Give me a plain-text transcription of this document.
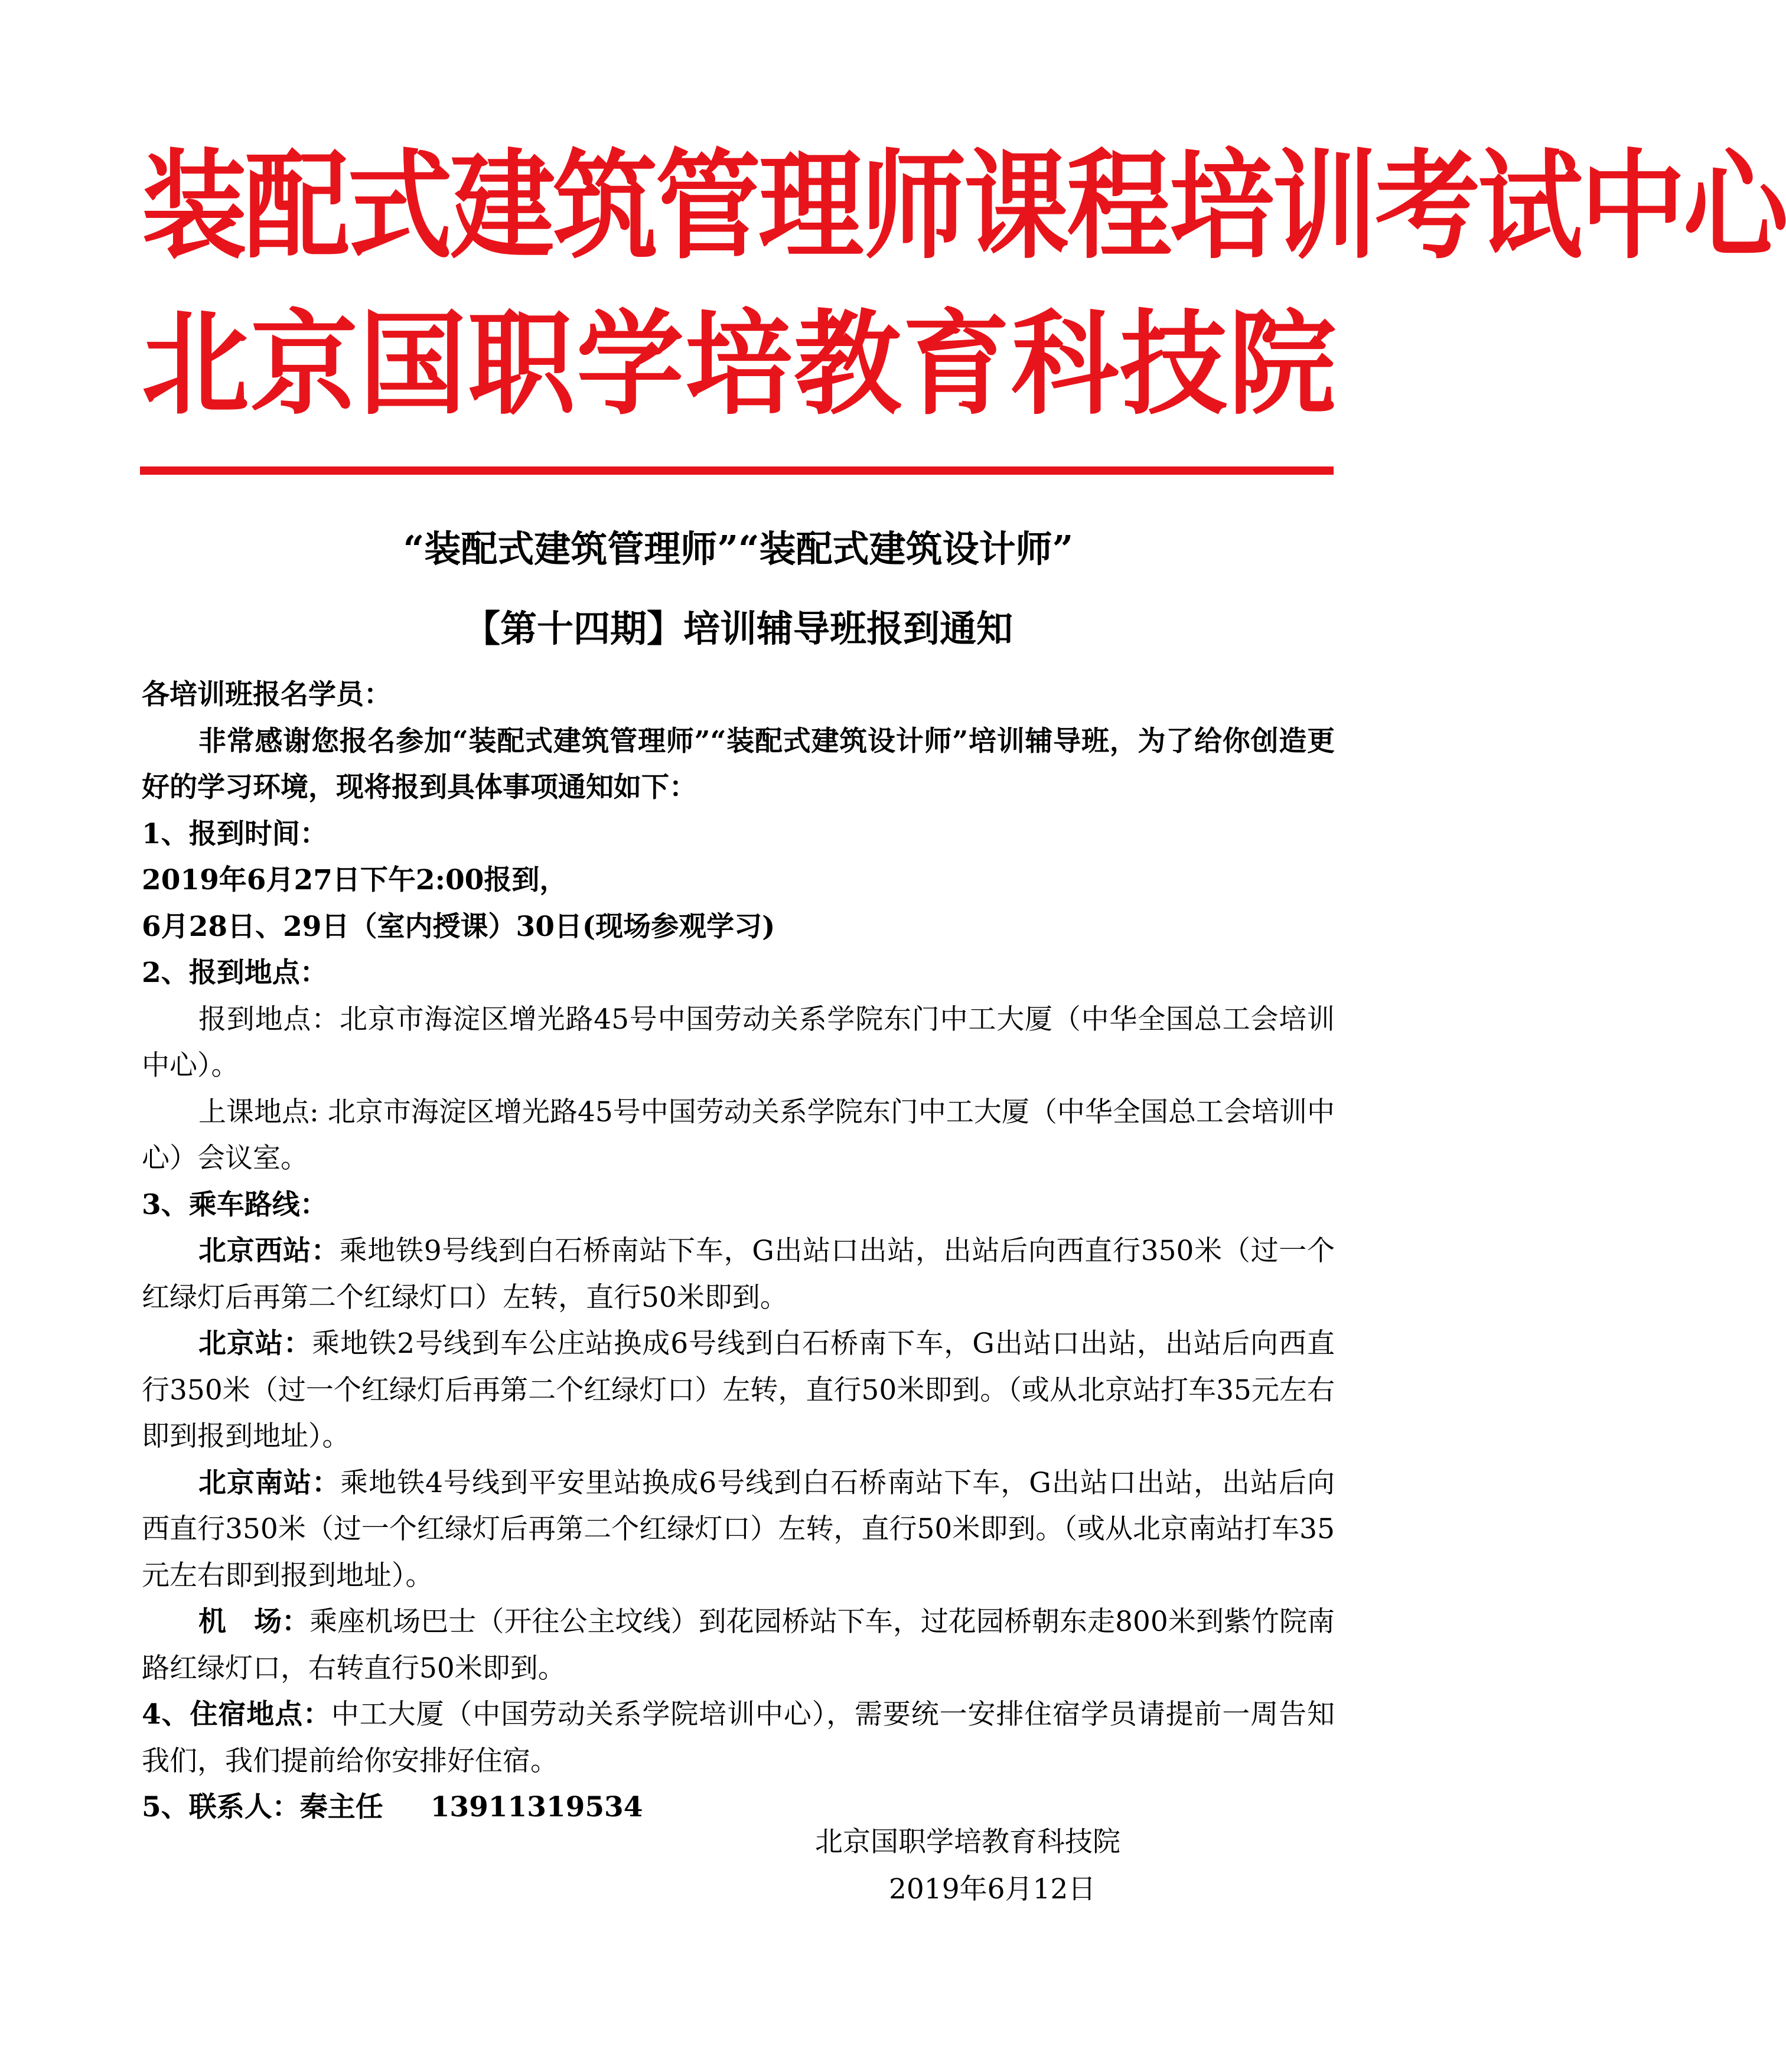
装配式建筑管理师课程培训考试中心
北京国职学培教育科技院
“装配式建筑管理师”“装配式建筑设计师”
【第十四期】培训辅导班报到通知

各培训班报名学员：

非常感谢您报名参加“装配式建筑管理师”“装配式建筑设计师”培训辅导班，为了给你创造更好的学习环境，现将报到具体事项通知如下：

1、报到时间：

2019年6月27日下午2:00报到，

6月28日、29日（室内授课）30日(现场参观学习)

2、报到地点：

报到地点：北京市海淀区增光路45号中国劳动关系学院东门中工大厦（中华全国总工会培训中心）。

上课地点: 北京市海淀区增光路45号中国劳动关系学院东门中工大厦（中华全国总工会培训中心）会议室。

3、乘车路线：

北京西站：乘地铁9号线到白石桥南站下车，G出站口出站，出站后向西直行350米（过一个红绿灯后再第二个红绿灯口）左转，直行50米即到。

北京站：乘地铁2号线到车公庄站换成6号线到白石桥南下车，G出站口出站，出站后向西直行350米（过一个红绿灯后再第二个红绿灯口）左转，直行50米即到。（或从北京站打车35元左右即到报到地址）。

北京南站：乘地铁4号线到平安里站换成6号线到白石桥南站下车，G出站口出站，出站后向西直行350米（过一个红绿灯后再第二个红绿灯口）左转，直行50米即到。（或从北京南站打车35元左右即到报到地址）。

机　场：乘座机场巴士（开往公主坟线）到花园桥站下车，过花园桥朝东走800米到紫竹院南路红绿灯口，右转直行50米即到。

4、住宿地点：中工大厦（中国劳动关系学院培训中心），需要统一安排住宿学员请提前一周告知我们，我们提前给你安排好住宿。

5、联系人：秦主任 13911319534

北京国职学培教育科技院
2019年6月12日
